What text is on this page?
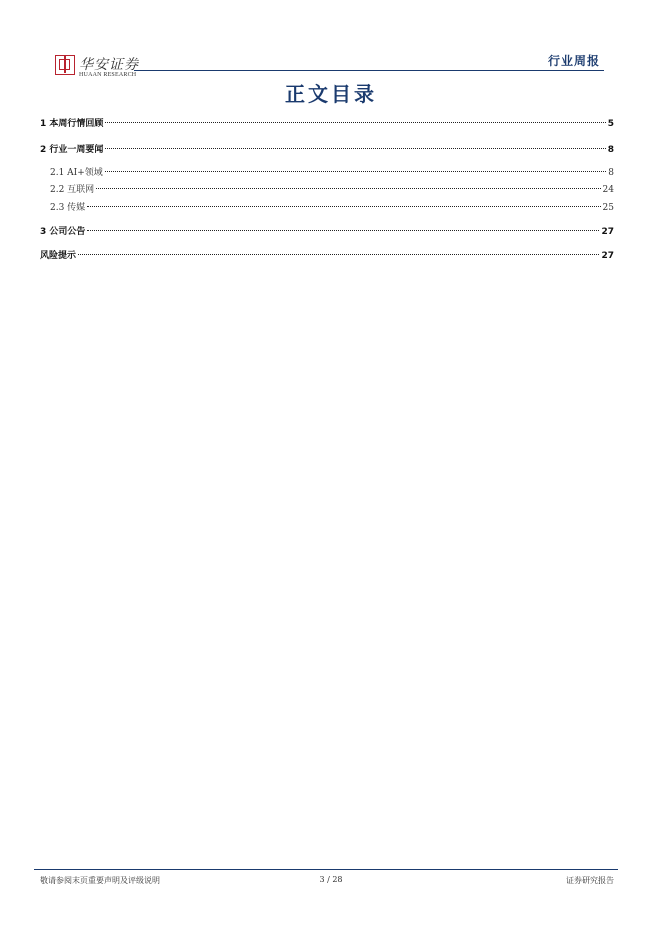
华安证券
HUAAN RESEARCH
行业周报
正文目录
1 本周行情回顾	5
2 行业一周要闻	8
2.1 AI+领域	8
2.2 互联网	24
2.3 传媒	25
3 公司公告	27
风险提示	27
敬请参阅末页重要声明及评级说明	3 / 28	证券研究报告
